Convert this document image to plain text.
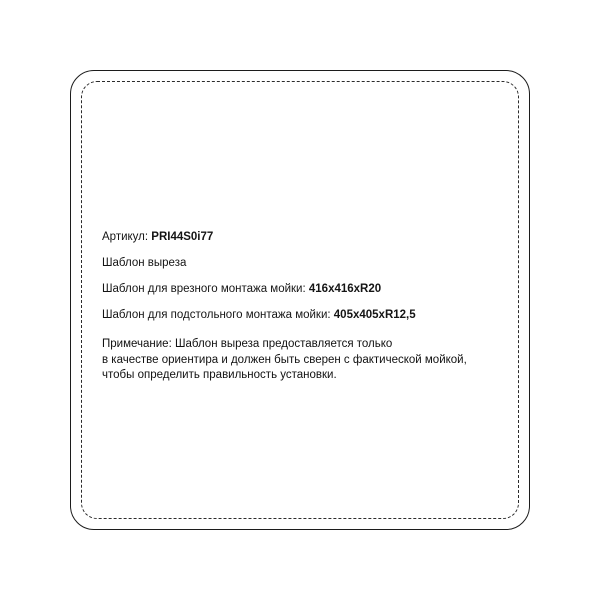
Артикул: PRI44S0i77

Шаблон выреза

Шаблон для врезного монтажа мойки: 416х416хR20

Шаблон для подстольного монтажа мойки: 405х405хR12,5

Примечание: Шаблон выреза предоставляется только
в качестве ориентира и должен быть сверен с фактической мойкой,
чтобы определить правильность установки.
